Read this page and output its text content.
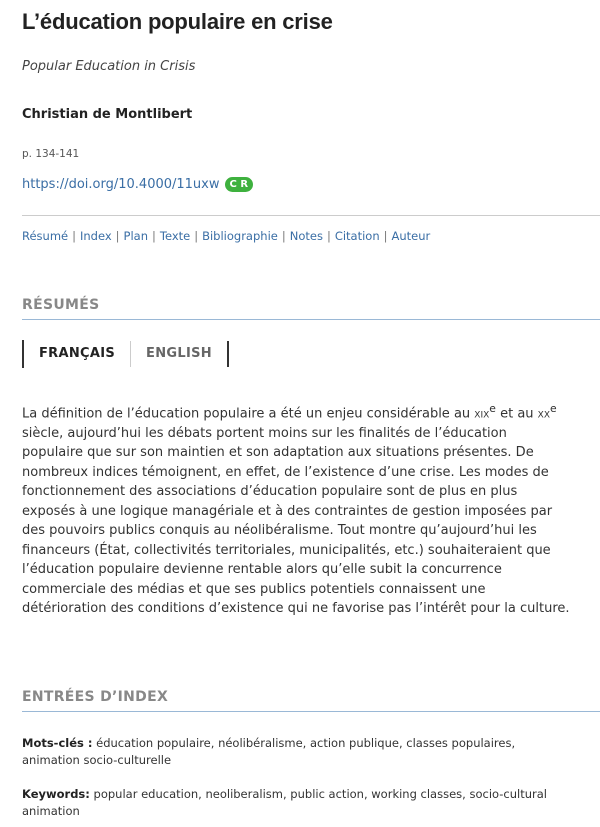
L’éducation populaire en crise
Popular Education in Crisis
Christian de Montlibert
p. 134-141
https://doi.org/10.4000/11uxw	C R
Résumé | Index | Plan | Texte | Bibliographie | Notes | Citation | Auteur
RÉSUMÉS
FRANÇAIS	ENGLISH

La définition de l’éducation populaire a été un enjeu considérable au xix$^e$ et au $xx^e$ siècle, aujourd’hui les débats portent moins sur les finalités de l’éducation populaire que sur son maintien et son adaptation aux situations présentes. De nombreux indices témoignent, en effet, de l’existence d’une crise. Les modes de fonctionnement des associations d’éducation populaire sont de plus en plus exposés à une logique managériale et à des contraintes de gestion imposées par des pouvoirs publics conquis au néolibéralisme. Tout montre qu’aujourd’hui les financeurs (État, collectivités territoriales, municipalités, etc.) souhaiteraient que l’éducation populaire devienne rentable alors qu’elle subit la concurrence commerciale des médias et que ses publics potentiels connaissent une détérioration des conditions d’existence qui ne favorise pas l’intérêt pour la culture.

ENTRÉES D’INDEX

Mots-clés : éducation populaire, néolibéralisme, action publique, classes populaires, animation socio-culturelle

Keywords: popular education, neoliberalism, public action, working classes, socio-cultural animation
